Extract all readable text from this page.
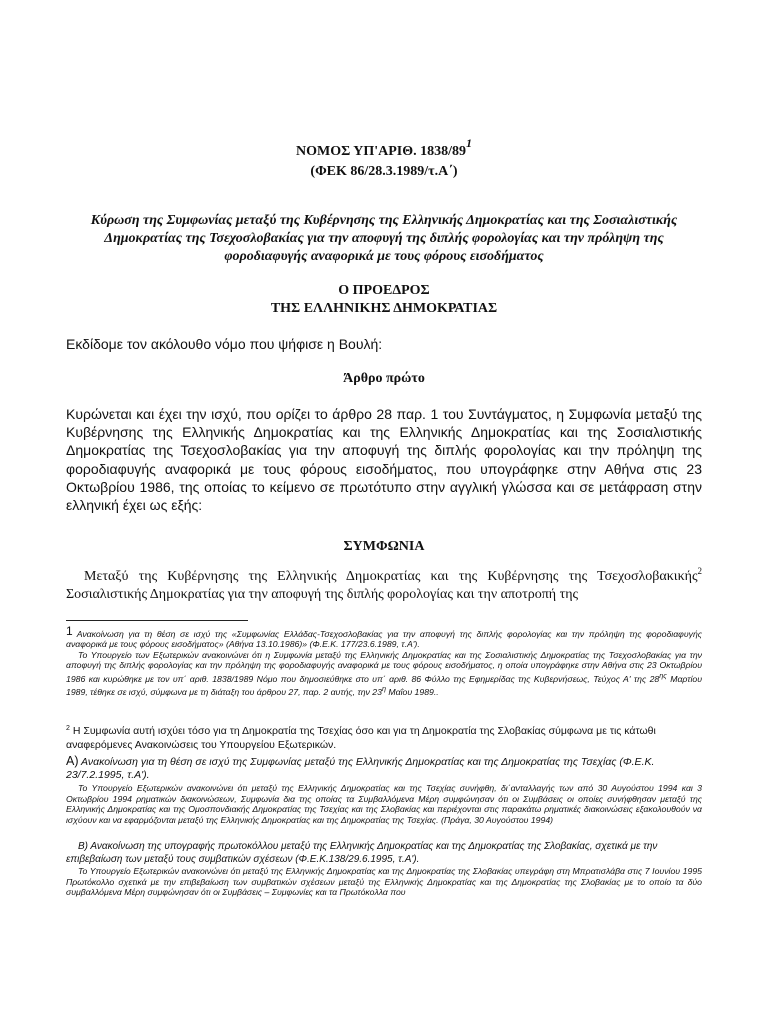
ΝΟΜΟΣ ΥΠ'ΑΡΙΘ. $1838/89^1$
(ΦΕΚ 86/28.3.1989/τ.Α΄)
Κύρωση της Συμφωνίας μεταξύ της Κυβέρνησης της Ελληνικής Δημοκρατίας και της Σοσιαλιστικής Δημοκρατίας της Τσεχοσλοβακίας για την αποφυγή της διπλής φορολογίας και την πρόληψη της φοροδιαφυγής αναφορικά με τους φόρους εισοδήματος
Ο ΠΡΟΕΔΡΟΣ
ΤΗΣ ΕΛΛΗΝΙΚΗΣ ΔΗΜΟΚΡΑΤΙΑΣ
Εκδίδομε τον ακόλουθο νόμο που ψήφισε η Βουλή:
Άρθρο πρώτο
Κυρώνεται και έχει την ισχύ, που ορίζει το άρθρο 28 παρ. 1 του Συντάγματος, η Συμφωνία μεταξύ της Κυβέρνησης της Ελληνικής Δημοκρατίας και της Ελληνικής Δημοκρατίας και της Σοσιαλιστικής Δημοκρατίας της Τσεχοσλοβακίας για την αποφυγή της διπλής φορολογίας και την πρόληψη της φοροδιαφυγής αναφορικά με τους φόρους εισοδήματος, που υπογράφηκε στην Αθήνα στις 23 Οκτωβρίου 1986, της οποίας το κείμενο σε πρωτότυπο στην αγγλική γλώσσα και σε μετάφραση στην ελληνική έχει ως εξής:
ΣΥΜΦΩΝΙΑ
Μεταξύ της Κυβέρνησης της Ελληνικής Δημοκρατίας και της Κυβέρνησης της Τσεχοσλοβακικής$^2$ Σοσιαλιστικής Δημοκρατίας για την αποφυγή της διπλής φορολογίας και την αποτροπή της
1 Ανακοίνωση για τη θέση σε ισχύ της «Συμφωνίας Ελλάδας-Τσεχοσλοβακίας για την αποφυγή της διπλής φορολογίας και την πρόληψη της φοροδιαφυγής αναφορικά με τους φόρους εισοδήματος» (Αθήνα 13.10.1986)» (Φ.Ε.Κ. 177/23.6.1989, τ.Α').
Το Υπουργείο των Εξωτερικών ανακοινώνει ότι η Συμφωνία μεταξύ της Ελληνικής Δημοκρατίας και της Σοσιαλιστικής Δημοκρατίας της Τσεχοσλοβακίας για την αποφυγή της διπλής φορολογίας και την πρόληψη της φοροδιαφυγής αναφορικά με τους φόρους εισοδήματος, η οποία υπογράφηκε στην Αθήνα στις 23 Οκτωβρίου 1986 και κυρώθηκε με τον υπ΄ αριθ. 1838/1989 Νόμο που δημοσιεύθηκε στο υπ΄ αριθ. 86 Φύλλο της Εφημερίδας της Κυβερνήσεως, Τεύχος Α' της $28^{\eta\varsigma}$ Μαρτίου 1989, τέθηκε σε ισχύ, σύμφωνα με τη διάταξη του άρθρου 27, παρ. 2 αυτής, την $23^\eta$ Μαΐου 1989..
$^2$ Η Συμφωνία αυτή ισχύει τόσο για τη Δημοκρατία της Τσεχίας όσο και για τη Δημοκρατία της Σλοβακίας σύμφωνα με τις κάτωθι αναφερόμενες Ανακοινώσεις του Υπουργείου Εξωτερικών.
Α) Ανακοίνωση για τη θέση σε ισχύ της Συμφωνίας μεταξύ της Ελληνικής Δημοκρατίας και της Δημοκρατίας της Τσεχίας (Φ.Ε.Κ. 23/7.2.1995, τ.Α').
Το Υπουργείο Εξωτερικών ανακοινώνει ότι μεταξύ της Ελληνικής Δημοκρατίας και της Τσεχίας συνήφθη, δι΄ανταλλαγής των από 30 Αυγούστου 1994 και 3 Οκτωβρίου 1994 ρηματικών διακοινώσεων, Συμφωνία δια της οποίας τα Συμβαλλόμενα Μέρη συμφώνησαν ότι οι Συμβάσεις οι οποίες συνήφθησαν μεταξύ της Ελληνικής Δημοκρατίας και της Ομοσπονδιακής Δημοκρατίας της Τσεχίας και της Σλοβακίας και περιέχονται στις παρακάτω ρηματικές διακοινώσεις εξακολουθούν να ισχύουν και να εφαρμόζονται μεταξύ της Ελληνικής Δημοκρατίας και της Δημοκρατίας της Τσεχίας. (Πράγα, 30 Αυγούστου 1994)
Β) Ανακοίνωση της υπογραφής πρωτοκόλλου μεταξύ της Ελληνικής Δημοκρατίας και της Δημοκρατίας της Σλοβακίας, σχετικά με την επιβεβαίωση των μεταξύ τους συμβατικών σχέσεων (Φ.Ε.Κ.138/29.6.1995, τ.Α').
Το Υπουργείο Εξωτερικών ανακοινώνει ότι μεταξύ της Ελληνικής Δημοκρατίας και της Δημοκρατίας της Σλοβακίας υπεγράφη στη Μπρατισλάβα στις 7 Ιουνίου 1995 Πρωτόκολλο σχετικά με την επιβεβαίωση των συμβατικών σχέσεων μεταξύ της Ελληνικής Δημοκρατίας και της Δημοκρατίας της Σλοβακίας με το οποίο τα δύο συμβαλλόμενα Μέρη συμφώνησαν ότι οι Συμβάσεις – Συμφωνίες και τα Πρωτόκολλα που
